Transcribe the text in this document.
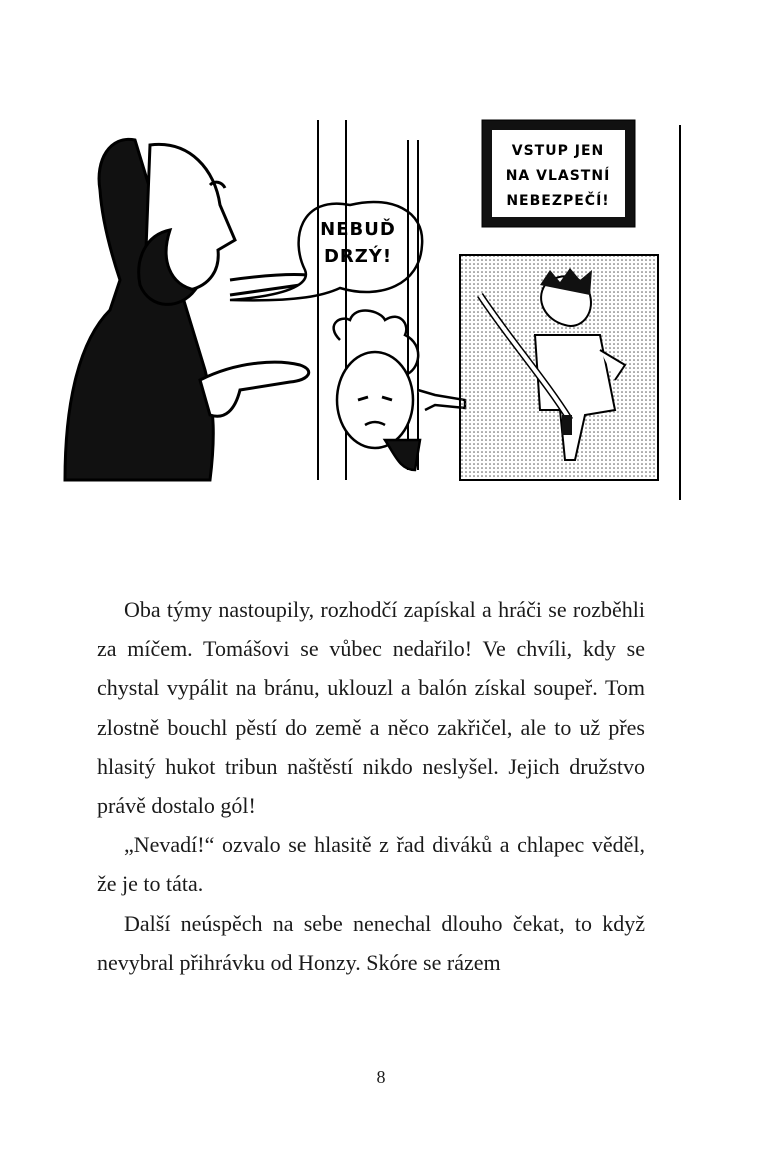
NEBUĎ
DRZÝ!
VSTUP JEN
NA VLASTNÍ
NEBEZPEČÍ!

Oba týmy nastoupily, rozhodčí zapískal a hráči se rozběhli za míčem. Tomášovi se vůbec nedařilo! Ve chvíli, kdy se chystal vypálit na bránu, uklouzl a balón získal soupeř. Tom zlostně bouchl pěstí do země a něco zakřičel, ale to už přes hlasitý hukot tribun naštěstí nikdo neslyšel. Jejich družstvo právě dostalo gól!

„Nevadí!“ ozvalo se hlasitě z řad diváků a chlapec věděl, že je to táta.

Další neúspěch na sebe nenechal dlouho čekat, to když nevybral přihrávku od Honzy. Skóre se rázem

8
